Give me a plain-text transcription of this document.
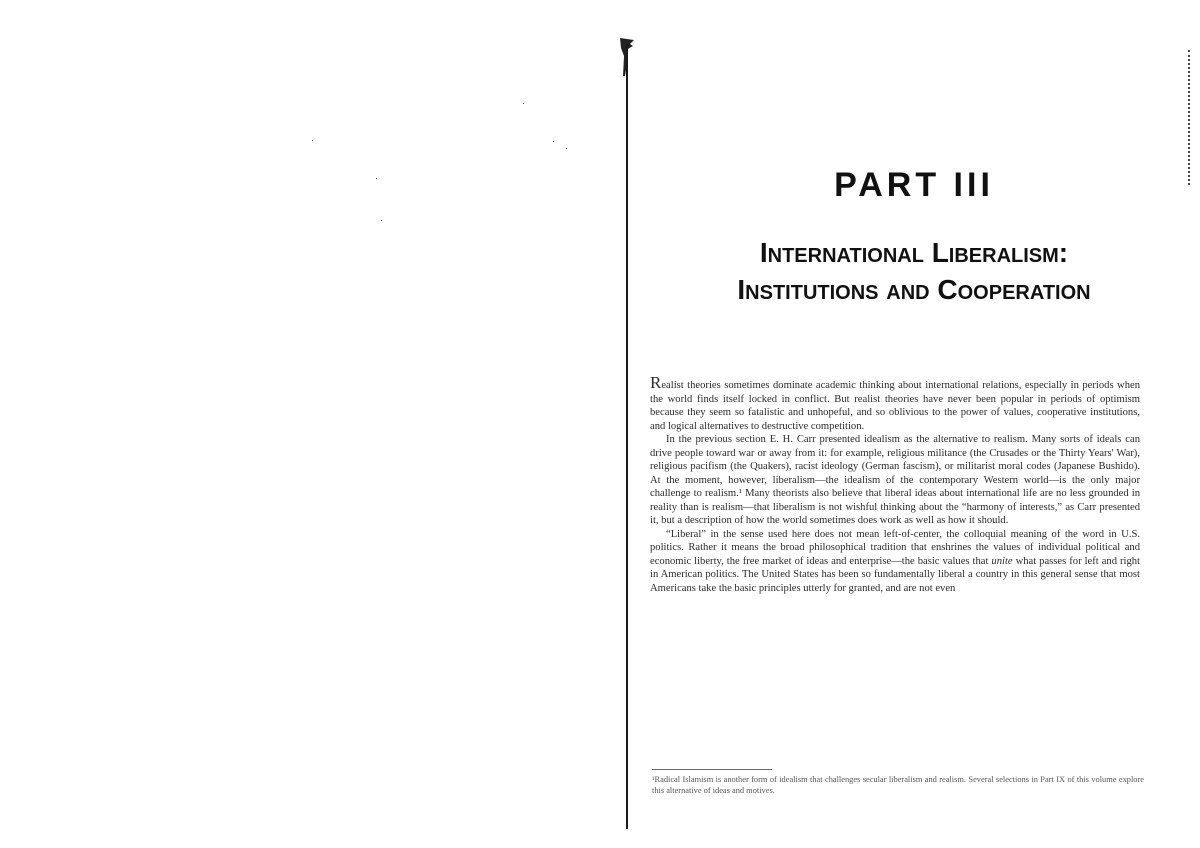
PART III
International Liberalism:
Institutions and Cooperation

Realist theories sometimes dominate academic thinking about international relations, especially in periods when the world finds itself locked in conflict. But realist theories have never been popular in periods of optimism because they seem so fatalistic and unhopeful, and so oblivious to the power of values, cooperative institutions, and logical alternatives to destructive competition.

In the previous section E. H. Carr presented idealism as the alternative to realism. Many sorts of ideals can drive people toward war or away from it: for example, religious militance (the Crusades or the Thirty Years' War), religious pacifism (the Quakers), racist ideology (German fascism), or militarist moral codes (Japanese Bushido). At the moment, however, liberalism—the idealism of the contemporary Western world—is the only major challenge to realism.¹ Many theorists also believe that liberal ideas about international life are no less grounded in reality than is realism—that liberalism is not wishful thinking about the “harmony of interests,” as Carr presented it, but a description of how the world sometimes does work as well as how it should.

“Liberal” in the sense used here does not mean left-of-center, the colloquial meaning of the word in U.S. politics. Rather it means the broad philosophical tradition that enshrines the values of individual political and economic liberty, the free market of ideas and enterprise—the basic values that unite what passes for left and right in American politics. The United States has been so fundamentally liberal a country in this general sense that most Americans take the basic principles utterly for granted, and are not even

¹Radical Islamism is another form of idealism that challenges secular liberalism and realism. Several selections in Part IX of this volume explore this alternative of ideas and motives.
